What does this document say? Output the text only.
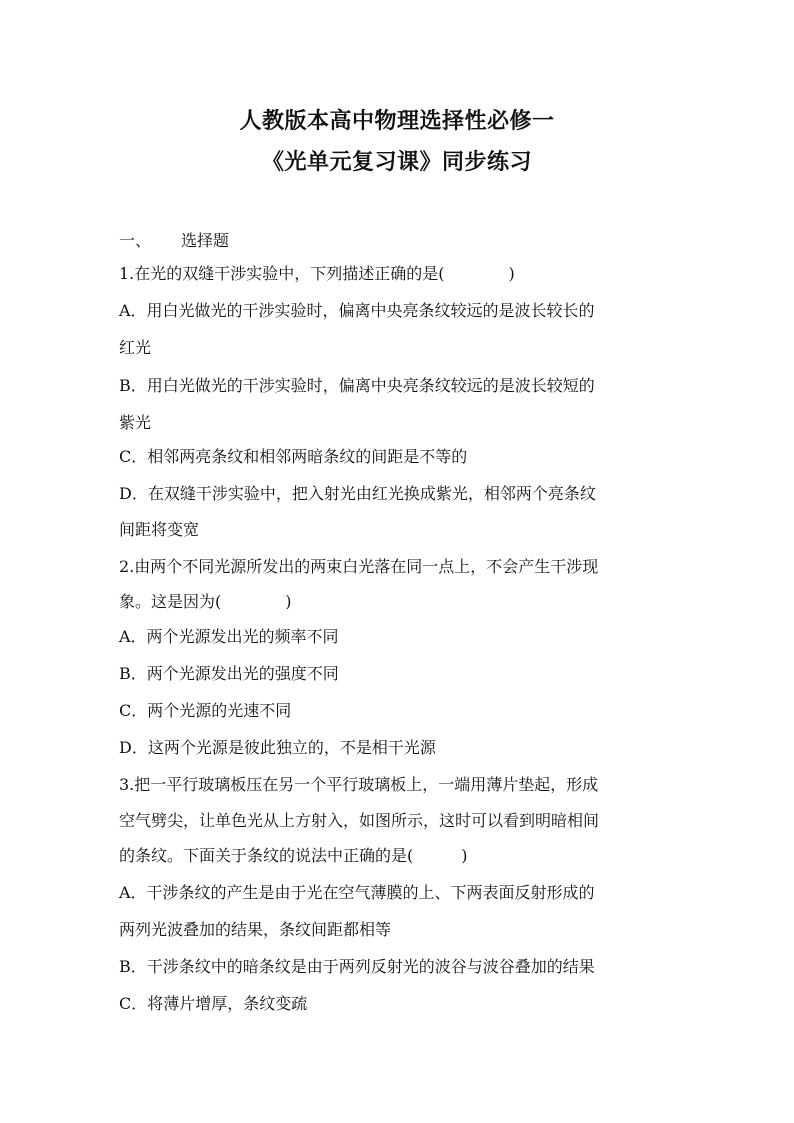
人教版本高中物理选择性必修一
《光单元复习课》同步练习
一、 选择题
1.在光的双缝干涉实验中，下列描述正确的是(　　　　)
A．用白光做光的干涉实验时，偏离中央亮条纹较远的是波长较长的
红光
B．用白光做光的干涉实验时，偏离中央亮条纹较远的是波长较短的
紫光
C．相邻两亮条纹和相邻两暗条纹的间距是不等的
D．在双缝干涉实验中，把入射光由红光换成紫光，相邻两个亮条纹
间距将变宽
2.由两个不同光源所发出的两束白光落在同一点上，不会产生干涉现
象。这是因为(　　　　)
A．两个光源发出光的频率不同
B．两个光源发出光的强度不同
C．两个光源的光速不同
D．这两个光源是彼此独立的，不是相干光源
3.把一平行玻璃板压在另一个平行玻璃板上，一端用薄片垫起，形成
空气劈尖，让单色光从上方射入，如图所示，这时可以看到明暗相间
的条纹。下面关于条纹的说法中正确的是(　　　)
A．干涉条纹的产生是由于光在空气薄膜的上、下两表面反射形成的
两列光波叠加的结果，条纹间距都相等
B．干涉条纹中的暗条纹是由于两列反射光的波谷与波谷叠加的结果
C．将薄片增厚，条纹变疏
